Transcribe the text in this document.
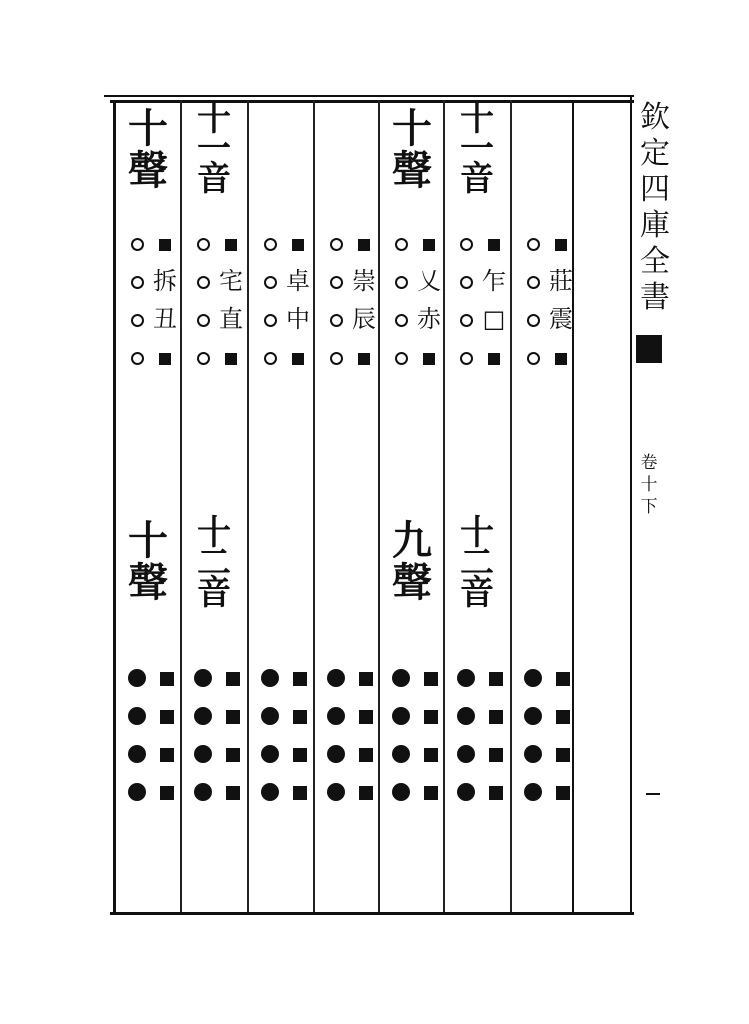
十
聲
十
聲
拆
丑
十
一
音
十
二
音
宅
直
卓
中
崇
辰
十
聲
九
聲
乂
赤
十
一
音
十
二
音
乍
□
莊
震
欽
定
四
庫
全
書
卷
十
下
